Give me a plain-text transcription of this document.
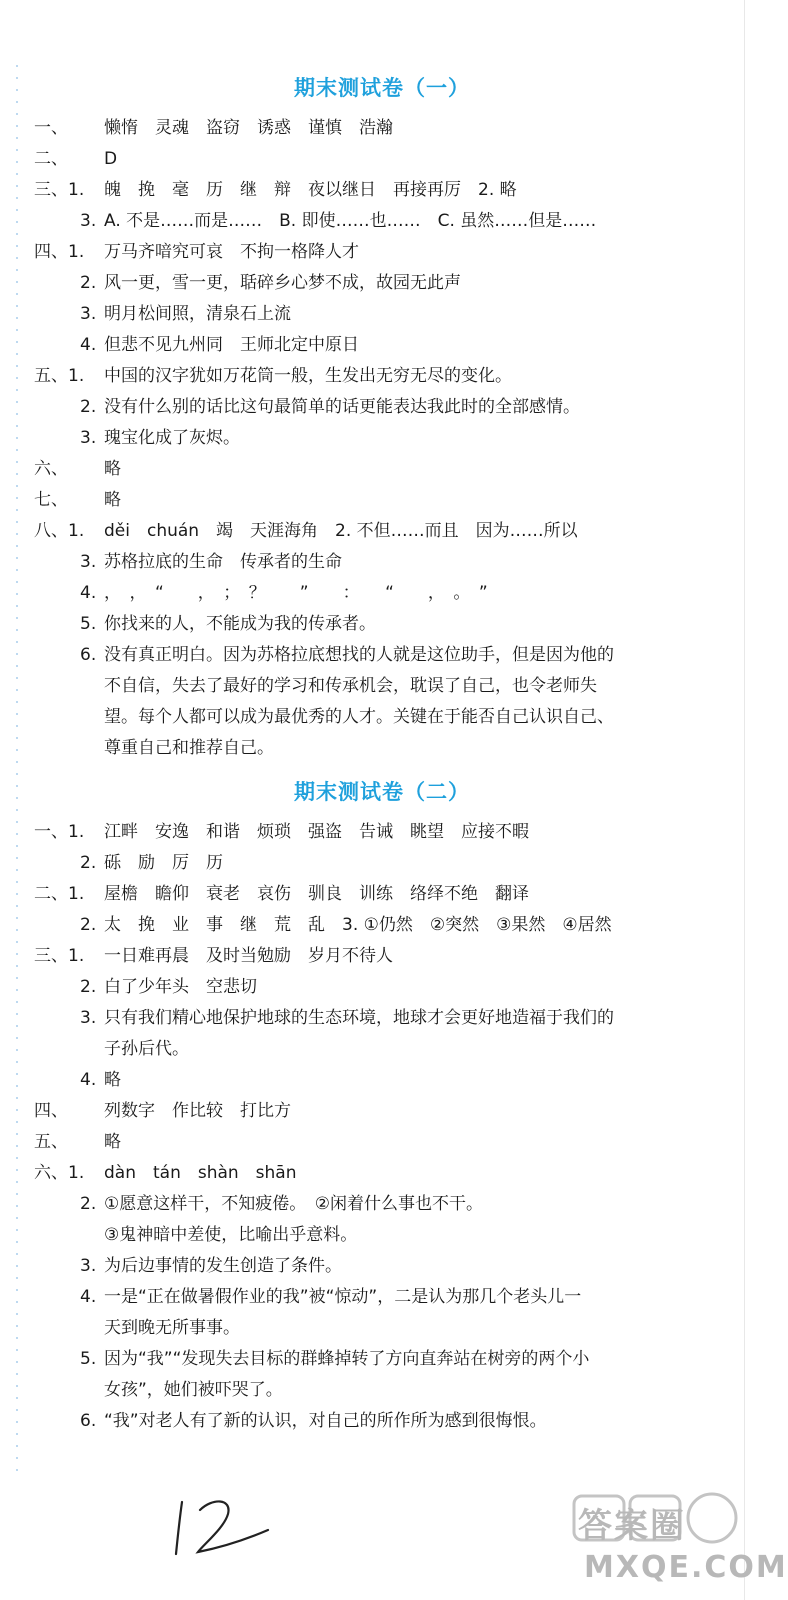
期末测试卷（一）
一、 懒惰　灵魂　盗窃　诱惑　谨慎　浩瀚
二、 D
三、1. 魄　挽　毫　历　继　辩　夜以继日　再接再厉　2. 略
3. A. 不是……而是……　B. 即使……也……　C. 虽然……但是……
四、1. 万马齐喑究可哀　不拘一格降人才
2. 风一更，雪一更，聒碎乡心梦不成，故园无此声
3. 明月松间照，清泉石上流
4. 但悲不见九州同　王师北定中原日
五、1. 中国的汉字犹如万花筒一般，生发出无穷无尽的变化。
2. 没有什么别的话比这句最简单的话更能表达我此时的全部感情。
3. 瑰宝化成了灰烬。
六、 略
七、 略
八、1. děi　chuán　竭　天涯海角　2. 不但……而且　因为……所以
3. 苏格拉底的生命　传承者的生命
4. ，　，　“　　，　；　？　　”　　：　　“　　，　。　”
5. 你找来的人，不能成为我的传承者。
6. 没有真正明白。因为苏格拉底想找的人就是这位助手，但是因为他的
不自信，失去了最好的学习和传承机会，耽误了自己，也令老师失
望。每个人都可以成为最优秀的人才。关键在于能否自己认识自己、
尊重自己和推荐自己。
期末测试卷（二）
一、1. 江畔　安逸　和谐　烦琐　强盗　告诫　眺望　应接不暇
2. 砾　励　厉　历
二、1. 屋檐　瞻仰　衰老　哀伤　驯良　训练　络绎不绝　翻译
2. 太　挽　业　事　继　荒　乱　3. ①仍然　②突然　③果然　④居然
三、1. 一日难再晨　及时当勉励　岁月不待人
2. 白了少年头　空悲切
3. 只有我们精心地保护地球的生态环境，地球才会更好地造福于我们的
子孙后代。
4. 略
四、 列数字　作比较　打比方
五、 略
六、1. dàn　tán　shàn　shān
2. ①愿意这样干，不知疲倦。　②闲着什么事也不干。
③鬼神暗中差使，比喻出乎意料。
3. 为后边事情的发生创造了条件。
4. 一是“正在做暑假作业的我”被“惊动”，二是认为那几个老头儿一
天到晚无所事事。
5. 因为“我”“发现失去目标的群蜂掉转了方向直奔站在树旁的两个小
女孩”，她们被吓哭了。
6. “我”对老人有了新的认识，对自己的所作所为感到很悔恨。
答案圈
MXQE.COM
